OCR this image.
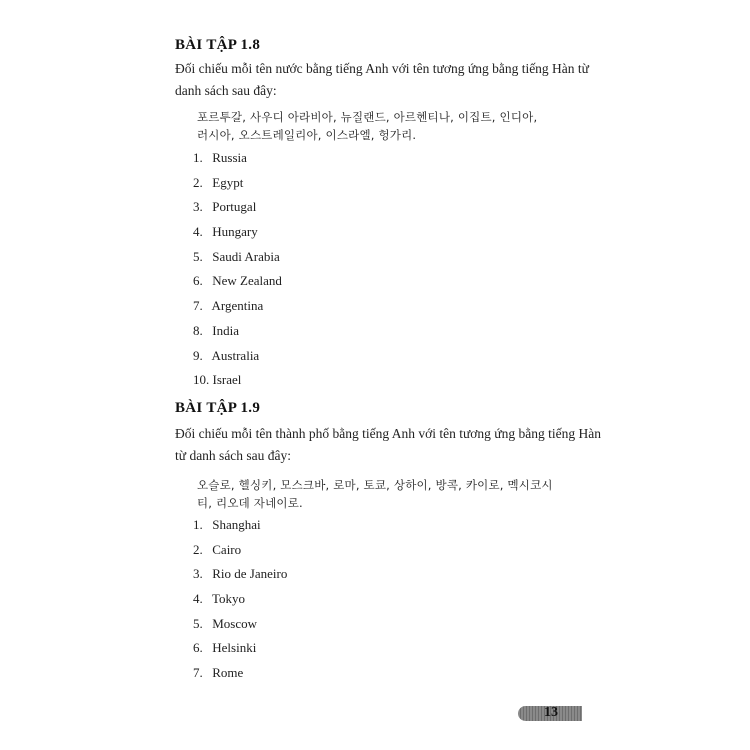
BÀI TẬP 1.8
Đối chiếu mỗi tên nước bằng tiếng Anh với tên tương ứng bằng tiếng Hàn từ
danh sách sau đây:
포르투갈, 사우디 아라비아, 뉴질랜드, 아르헨티나, 이집트, 인디아,
러시아, 오스트레일리아, 이스라엘, 헝가리.
1. Russia
2. Egypt
3. Portugal
4. Hungary
5. Saudi Arabia
6. New Zealand
7. Argentina
8. India
9. Australia
10. Israel
BÀI TẬP 1.9
Đối chiếu mỗi tên thành phố bằng tiếng Anh với tên tương ứng bằng tiếng Hàn
từ danh sách sau đây:
오슬로, 헬싱키, 모스크바, 로마, 토쿄, 상하이, 방콕, 카이로, 멕시코시
티, 리오데 자네이로.
1. Shanghai
2. Cairo
3. Rio de Janeiro
4. Tokyo
5. Moscow
6. Helsinki
7. Rome
13
